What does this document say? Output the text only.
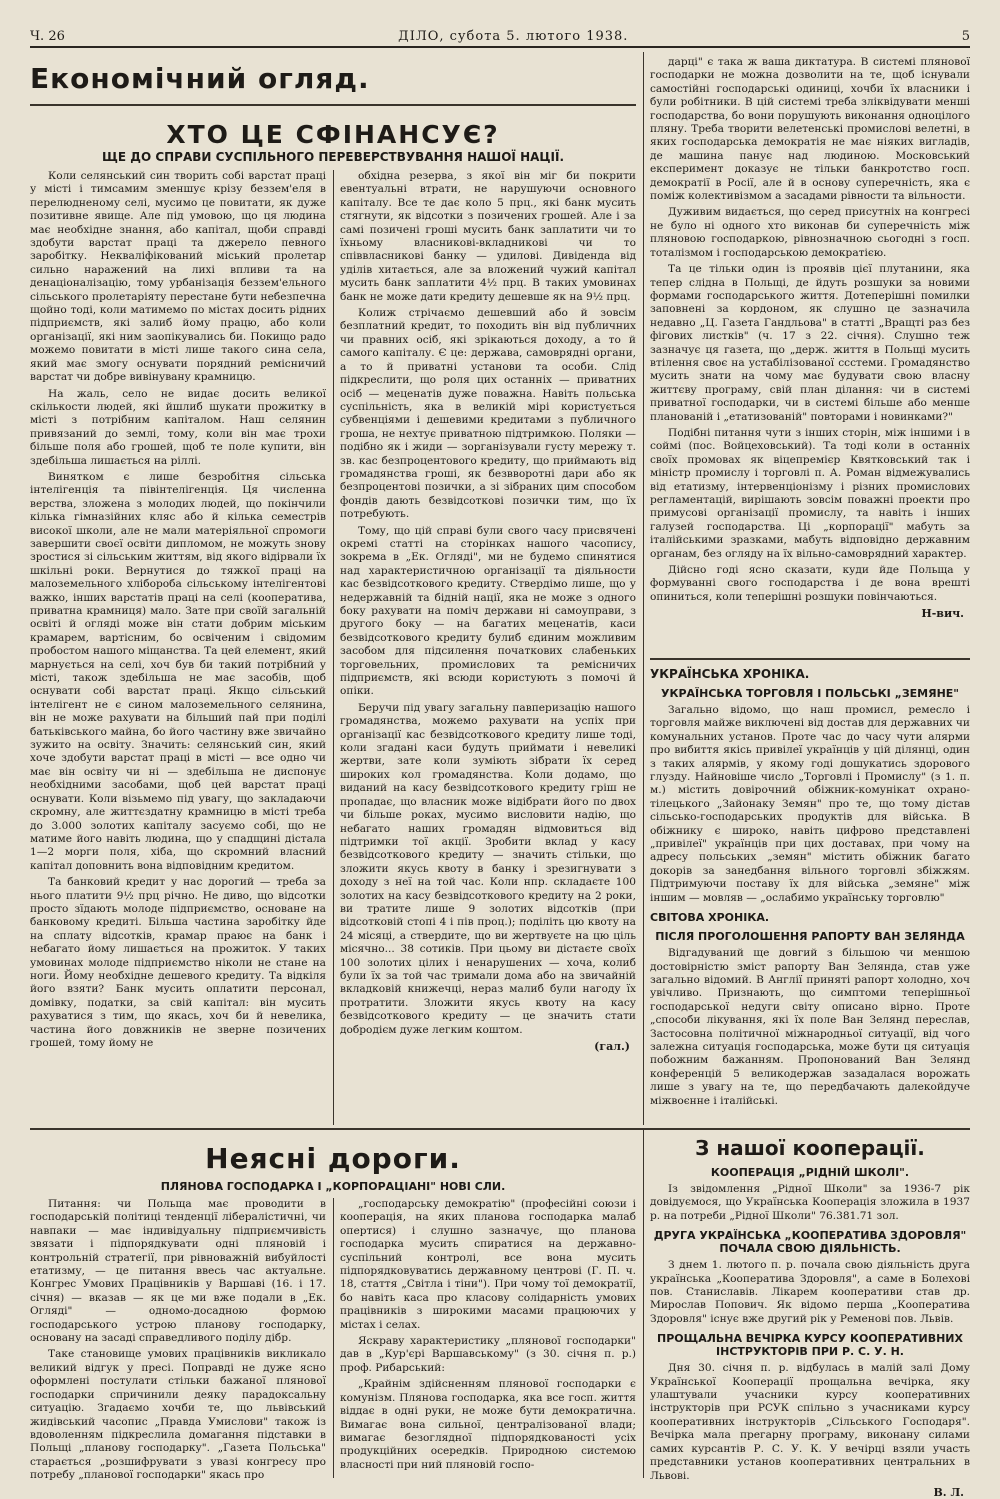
Ч. 26	ДІЛО, субота 5. лютого 1938.	5
Економічний огляд.
ХТО ЦЕ СФІНАНСУЄ?
ЩЕ ДО СПРАВИ СУСПІЛЬНОГО ПЕРЕВЕРСТВУВАННЯ НАШОЇ НАЦІЇ.

Коли селянський син творить собі варстат праці у місті і тимсамим зменшує крізу беззем'еля в перелюдненому селі, мусимо це повитати, як дуже позитивне явище. Але під умовою, що ця людина має необхідне знання, або капітал, щоби справді здобути варстат праці та джерело певного заробітку. Некваліфікований міський пролетар сильно наражений на лихі впливи та на денаціоналізацію, тому урбанізація беззем'ельного сільського пролетаріяту перестане бути небезпечна щойно тоді, коли матимемо по містах досить рідних підприємств, які залиб йому працю, або коли організації, які ним заопікувались би. Покищо радо можемо повитати в місті лише такого сина села, який має змогу оснувати порядний ремісничий варстат чи добре вивінувану крамницю.

На жаль, село не видає досить великої скількости людей, які йшлиб шукати прожитку в місті з потрібним капіталом. Наш селянин привязаний до землі, тому, коли він має трохи більше поля або грошей, щоб те поле купити, він здебільша лишається на ріллі.

Винятком є лише безробітня сільська інтелігенція та півінтелігенція. Ця численна верства, зложена з молодих людей, що покінчили кілька гімназійних кляс або й кілька семестрів високої школи, але не мали матеріяльної спромоги завершити своєї освіти дипломом, не можуть знову зростися зі сільським життям, від якого відірвали їх шкільні роки. Вернутися до тяжкої праці на малоземельного хлібороба сільському інтелігентові важко, інших варстатів праці на селі (кооператива, приватна крамниця) мало. Зате при своїй загальній освіті й огляді може він стати добрим міським крамарем, вартісним, бо освіченим і свідомим пробостом нашого міщанства. Та цей елемент, який марнується на селі, хоч був би такий потрібний у місті, також здебільша не має засобів, щоб оснувати собі варстат праці. Якщо сільський інтелігент не є сином малоземельного селянина, він не може рахувати на більший пай при поділі батьківського майна, бо його частину вже звичайно зужито на освіту. Значить: селянський син, який хоче здобути варстат праці в місті — все одно чи має він освіту чи ні — здебільша не диспонує необхідними засобами, щоб цей варстат праці оснувати. Коли візьмемо під увагу, що закладаючи скромну, але життєздатну крамницю в місті треба до 3.000 золотих капіталу засуємо собі, що не матиме його навіть людина, що у спадщині дістала 1—2 морги поля, хіба, що скромний власний капітал доповнить вона відповідним кредитом.

Та банковий кредит у нас дорогий — треба за нього платити 9½ прц річно. Не диво, що відсотки просто зїдають молоде підприємство, основане на банковому кредиті. Більша частина заробітку йде на сплату відсотків, крамар праює на банк і небагато йому лишається на прожиток. У таких умовинах молоде підприємство ніколи не стане на ноги. Йому необхідне дешевого кредиту. Та відкіля його взяти? Банк мусить оплатити персонал, домівку, податки, за свій капітал: він мусить рахуватися з тим, що якась, хоч би й невелика, частина його довжників не зверне позичених грошей, тому йому не

обхідна резерва, з якої він міг би покрити евентуальні втрати, не нарушуючи основного капіталу. Все те дає коло 5 прц., які банк мусить стягнути, як відсотки з позичених грошей. Але і за самі позичені гроші мусить банк заплатити чи то їхньому власникові-вкладникові чи то співвласникові банку — удилові. Дивіденда від уділів хитається, але за вложений чужий капітал мусить банк заплатити 4½ прц. В таких умовинах банк не може дати кредиту дешевше як на 9½ прц.

Колиж стрічаємо дешевший або й зовсім безплатний кредит, то походить він від публичних чи правних осіб, які зрікаються доходу, а то й самого капіталу. Є це: держава, самоврядні органи, а то й приватні установи та особи. Слід підкреслити, що роля цих останніх — приватних осіб — меценатів дуже поважна. Навіть польська суспільність, яка в великій мірі користується субвенціями і дешевими кредитами з публичного гроша, не нехтує приватною підтримкою. Поляки — подібно як і жиди — зорганізували густу мережу т. зв. кас безпроцентового кредиту, що приймають від громадянства гроші, як безвворотні дари або як безпроцентові позички, а зі зібраних цим способом фондів дають безвідсоткові позички тим, що їх потребують.

Тому, що цій справі були свого часу присвячені окремі статті на сторінках нашого часопису, зокрема в „Ек. Огляді", ми не будемо спинятися над характеристичною організації та діяльности кас безвідсоткового кредиту. Ствердімо лише, що у недержавній та бідній нації, яка не може з одного боку рахувати на поміч держави ні самоуправи, з другого боку — на багатих меценатів, каси безвідсоткового кредиту булиб єдиним можливим засобом для підсилення початкових слабеньких торговельних, промислових та ремісничих підприємств, які всюди користують з помочі й опіки.

Беручи під увагу загальну павперизацію нашого громадянства, можемо рахувати на успіх при організації кас безвідсоткового кредиту лише тоді, коли згадані каси будуть приймати і невеликі жертви, зате коли зумiють зібрати їх серед широких кол громадянства. Коли додамо, що виданий на касу безвідсоткового кредиту гріш не пропадає, що власник може відібрати його по двох чи більше роках, мусимо висловити надію, що небагато наших громадян відмовиться від підтримки тої акції. Зробити вклад у касу безвідсоткового кредиту — значить стільки, що зложити якусь квоту в банку і зрезигнувати з доходу з неї на той час. Коли нпр. складаєте 100 золотих на касу безвідсоткового кредиту на 2 роки, ви тратите лише 9 золотих відсотків (при відсотковій стопі 4 і пів проц.); поділіть цю квоту на 24 місяці, а ствердите, що ви жертвуєте на цю ціль місячно... 38 сотиків. При цьому ви дістаєте своїх 100 золотих цілих і ненарушених — хоча, колиб були їх за той час тримали дома або на звичайній вкладковій книжечці, нераз малиб були нагоду їх протратити. Зложити якусь квоту на касу безвідсоткового кредиту — це значить стати добродієм дуже легким коштом.

(гал.)

дарці" є така ж ваша диктатура. В системі плянової господарки не можна дозволити на те, щоб існували самостійні господарські одиниці, хочби їх власники і були робітники. В цій системі треба зліквідувати менші господарства, бо вони порушують виконання одноцілого пляну. Треба творити велетенські промислові велетні, в яких господарська демократія не має ніяких вигладів, де машина панує над людиною. Московський експеримент доказує не тільки банкротство госп. демократії в Росії, але й в основу суперечність, яка є поміж колективізмом а засадами рівности та вільности.

Дуживим видається, що серед присутніх на конгресі не було ні одного хто виконав би суперечність між пляновою господаркою, рівнозначною сьогодні з госп. тоталізмом і господарською демократією.

Та це тільки один із проявів цієї плутанини, яка тепер слідна в Польщі, де йдуть розшуки за новими формами господарського життя. Дотеперішні помилки заповнені за кордоном, як слушно це зазначила недавно „Ц. Газета Гандльова" в статті „Вращті раз без фігових листків" (ч. 17 з 22. січня). Слушно теж зазначує ця газета, що „держ. життя в Польщі мусить втілення своє на устабілізованої ссстеми. Громадянство мусить знати на чому має будувати свою власну життєву програму, свій план ділання: чи в системі приватної господарки, чи в системі більше або менше планованій і „етатизованій" повторами і новинками?"

Подібні питання чути з інших сторін, між іншими і в соймі (пос. Войцеховський). Та тоді коли в останніх своїх промовах як віцепремієр Квятковський так і міністр промислу і торговлі п. А. Роман відмежувались від етатизму, інтервенціонізму і різних промислових регламентацій, вирішають зовсім поважні проекти про примусові організації промислу, та навіть і інших галузей господарства. Ці „корпорації" мабуть за італійськими зразками, мабуть відповідно державним органам, без огляду на їх вільно-самоврядний характер.

Дійсно годі ясно сказати, куди йде Польща у формуванні свого господарства і де вона врешті опиниться, коли теперішні розшуки повінчаються.

Н-вич.
УКРАЇНСЬКА ХРОНІКА.
УКРАЇНСЬКА ТОРГОВЛЯ І ПОЛЬСЬКІ „ЗЕМЯНЕ"

Загально відомо, що наш промисл, ремесло і торговля майже виключені від достав для державних чи комунальних установ. Проте час до часу чути алярми про вибиття якісь привілеї українців у цій ділянці, один з таких алярмів, у якому годі дошукатись здорового глузду. Найновіше число „Торговлі і Промислу" (з 1. п. м.) містить довірочний обіжник-комунікат охрано-тілецького „Зайонаку Земян" про те, що тому дістав сільсько-господарських продуктів для війська. В обіжнику є широко, навіть цифрово представлені „привілеї" українців при цих доставах, при чому на адресу польських „земян" містить обіжник багато докорів за занедбання вільного торговлі збіжжям. Підтримуючи поставу їх для війська „земяне" між іншим — мовляв — „ослабимо українську торговлю"

СВІТОВА ХРОНІКА.
ПІСЛЯ ПРОГОЛОШЕННЯ РАПОРТУ ВАН ЗЕЛЯНДА

Відгадуваний ще довгий з більшою чи меншою достовірністю зміст рапорту Ван Зелянда, став уже загально відомий. В Англії приняті рапорт холодно, хоч увічливо. Признають, що симптоми теперішньої господарської недуги світу описано вірно. Проте „способи лікування, які їх поле Ван Зелянд переслав, Застосовна політичної міжнародньої ситуації, від чого залежна ситуація господарська, може бути ця ситуація побожним бажанням. Пропонований Ван Зелянд конференцій 5 великодержав зазадалася ворожать лише з увагу на те, що передбачають далекойдуче міжвоєнне і італійські.

Неясні дороги.
ПЛЯНОВА ГОСПОДАРКА І „КОРПОРАЦІАНІ" НОВІ СЛИ.

Питання: чи Польща має проводити в господарській політиці тенденції лібералістичні, чи навпаки — має індивідуальну підприємчивість звязати і підпорядкувати одні пляновій і контрольній стратегії, при рівноважній вибуйлості етатизму, — це питання ввесь час актуальне. Конгрес Умових Працівників у Варшаві (16. і 17. січня) — вказав — як це ми вже подали в „Ек. Огляді" — одномо-досадною формою господарського устрою планову господарку, основану на засаді справедливого поділу дібр.

Таке становище умових працівників викликало великий відгук у пресі. Поправді не дуже ясно оформлені постулати стільки бажаної плянової господарки спричинили деяку парадоксальну ситуацію. Згадаємо хочби те, що львівський жидівський часопис „Правда Умислови" також із вдоволенням підкреслила домагання підставки в Польщі „планову господарку". „Газета Польська" старається „розшифрувати з увазі конгресу про потребу „планової господарки" якась про

„господарську демократію" (професійні союзи і кооперація, на яких планова господарка малаб опертися) і слушно зазначує, що планова господарка мусить спиратися на державно-суспільний контролі, все вона мусить підпорядковуватись державному центрові (Г. П. ч. 18, стаття „Світла і тіни"). При чому тої демократії, бо навіть каса про класову солідарність умових працівників з широкими масами працюючих у містах і селах.

Яскраву характеристику „плянової господарки" дав в „Кур'єрі Варшавському" (з 30. січня п. р.) проф. Рибарський:

„Крайнім здійсненням плянової господарки є комунізм. Плянова господарка, яка все госп. життя віддає в одні руки, не може бути демократична. Вимагає вона сильної, централізованої влади; вимагає безоглядної підпорядкованості усіх продукційних осередків. Природною системою власності при ний пляновій госпо-

З нашої кооперації.
КООПЕРАЦІЯ „РІДНІЙ ШКОЛІ".

Із звідомлення „Рідної Школи" за 1936-7 рік довідуємося, що Українська Кооперація зложила в 1937 р. на потреби „Рідної Школи" 76.381.71 зол.

ДРУГА УКРАЇНСЬКА „КООПЕРАТИВА ЗДОРОВЛЯ" ПОЧАЛА СВОЮ ДІЯЛЬНІСТЬ.

З днем 1. лютого п. р. почала свою діяльність друга українська „Кооператива Здоровля", а саме в Болехові пов. Станиславів. Лікарем кооперативи став др. Мирослав Попович. Як відомо перша „Кооператива Здоровля" існує вже другий рік у Ременові пов. Львів.

ПРОЩАЛЬНА ВЕЧІРКА КУРСУ КООПЕРАТИВНИХ ІНСТРУКТОРІВ ПРИ Р. С. У. Н.

Дня 30. січня п. р. відбулась в малій залі Дому Української Кооперації прощальна вечірка, яку улаштували учасники курсу кооперативних інструкторів при РСУК спільно з учасниками курсу кооперативних інструкторів „Сільського Господаря". Вечірка мала прегарну програму, виконану силами самих курсантів Р. С. У. К. У вечірці взяли участь представники установ кооперативних центральних в Львові.

В. Л.
